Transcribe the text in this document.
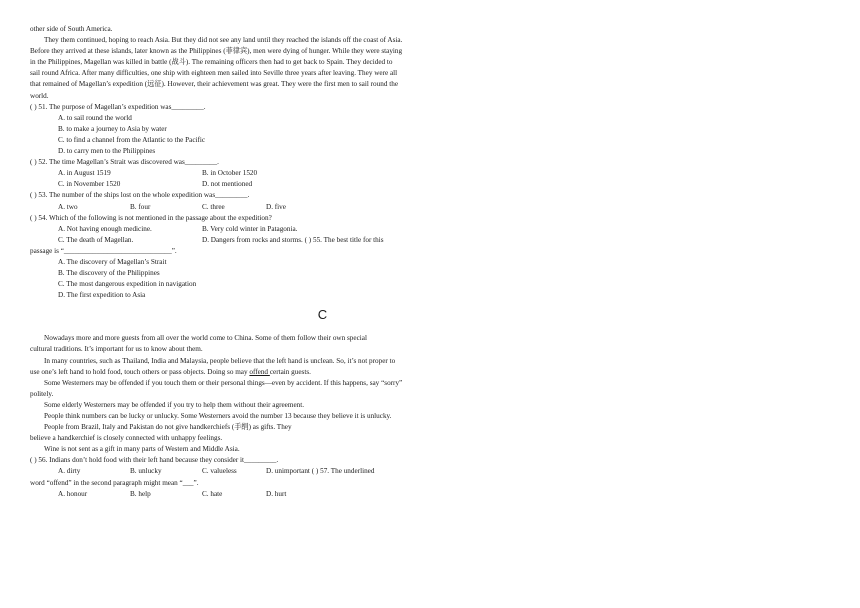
other side of South America.
They them continued, hoping to reach Asia. But they did not see any land until they reached the islands off the coast of Asia.
Before they arrived at these islands, later known as the Philippines (菲律宾), men were dying of hunger. While they were staying
in the Philippines, Magellan was killed in battle (战斗). The remaining officers then had to get back to Spain. They decided to
sail round Africa. After many difficulties, one ship with eighteen men sailed into Seville three years after leaving. They were all
that remained of Magellan’s expedition (远征). However, their achievement was great. They were the first men to sail round the
world.
( ) 51. The purpose of Magellan’s expedition was_________.
A. to sail round the world
B. to make a journey to Asia by water
C. to find a channel from the Atlantic to the Pacific
D. to carry men to the Philippines
( ) 52. The time Magellan’s Strait was discovered was_________.
A. in August 1519	B. in October 1520
C. in November 1520	D. not mentioned
( ) 53. The number of the ships lost on the whole expedition was_________.
A. two	B. four	C. three	D. five
( ) 54. Which of the following is not mentioned in the passage about the expedition?
A. Not having enough medicine.	B. Very cold winter in Patagonia.
C. The death of Magellan.	D. Dangers from rocks and storms. ( ) 55. The best title for this
passage is “______________________________”.
A. The discovery of Magellan’s Strait
B. The discovery of the Philippines
C. The most dangerous expedition in navigation
D. The first expedition to Asia
C
Nowadays more and more guests from all over the world come to China. Some of them follow their own special
cultural traditions. It’s important for us to know about them.
In many countries, such as Thailand, India and Malaysia, people believe that the left hand is unclean. So, it’s not proper to
use one’s left hand to hold food, touch others or pass objects. Doing so may offend certain guests.
Some Westerners may be offended if you touch them or their personal things—even by accident. If this happens, say “sorry”
politely.
Some elderly Westerners may be offended if you try to help them without their agreement.
People think numbers can be lucky or unlucky. Some Westerners avoid the number 13 because they believe it is unlucky.
People from Brazil, Italy and Pakistan do not give handkerchiefs (手绢) as gifts. They
believe a handkerchief is closely connected with unhappy feelings.
Wine is not sent as a gift in many parts of Western and Middle Asia.
( ) 56. Indians don’t hold food with their left hand because they consider it_________.
A. dirty	B. unlucky	C. valueless	D. unimportant ( ) 57. The underlined
word “offend” in the second paragraph might mean “___”.
A. honour	B. help	C. hate	D. hurt
